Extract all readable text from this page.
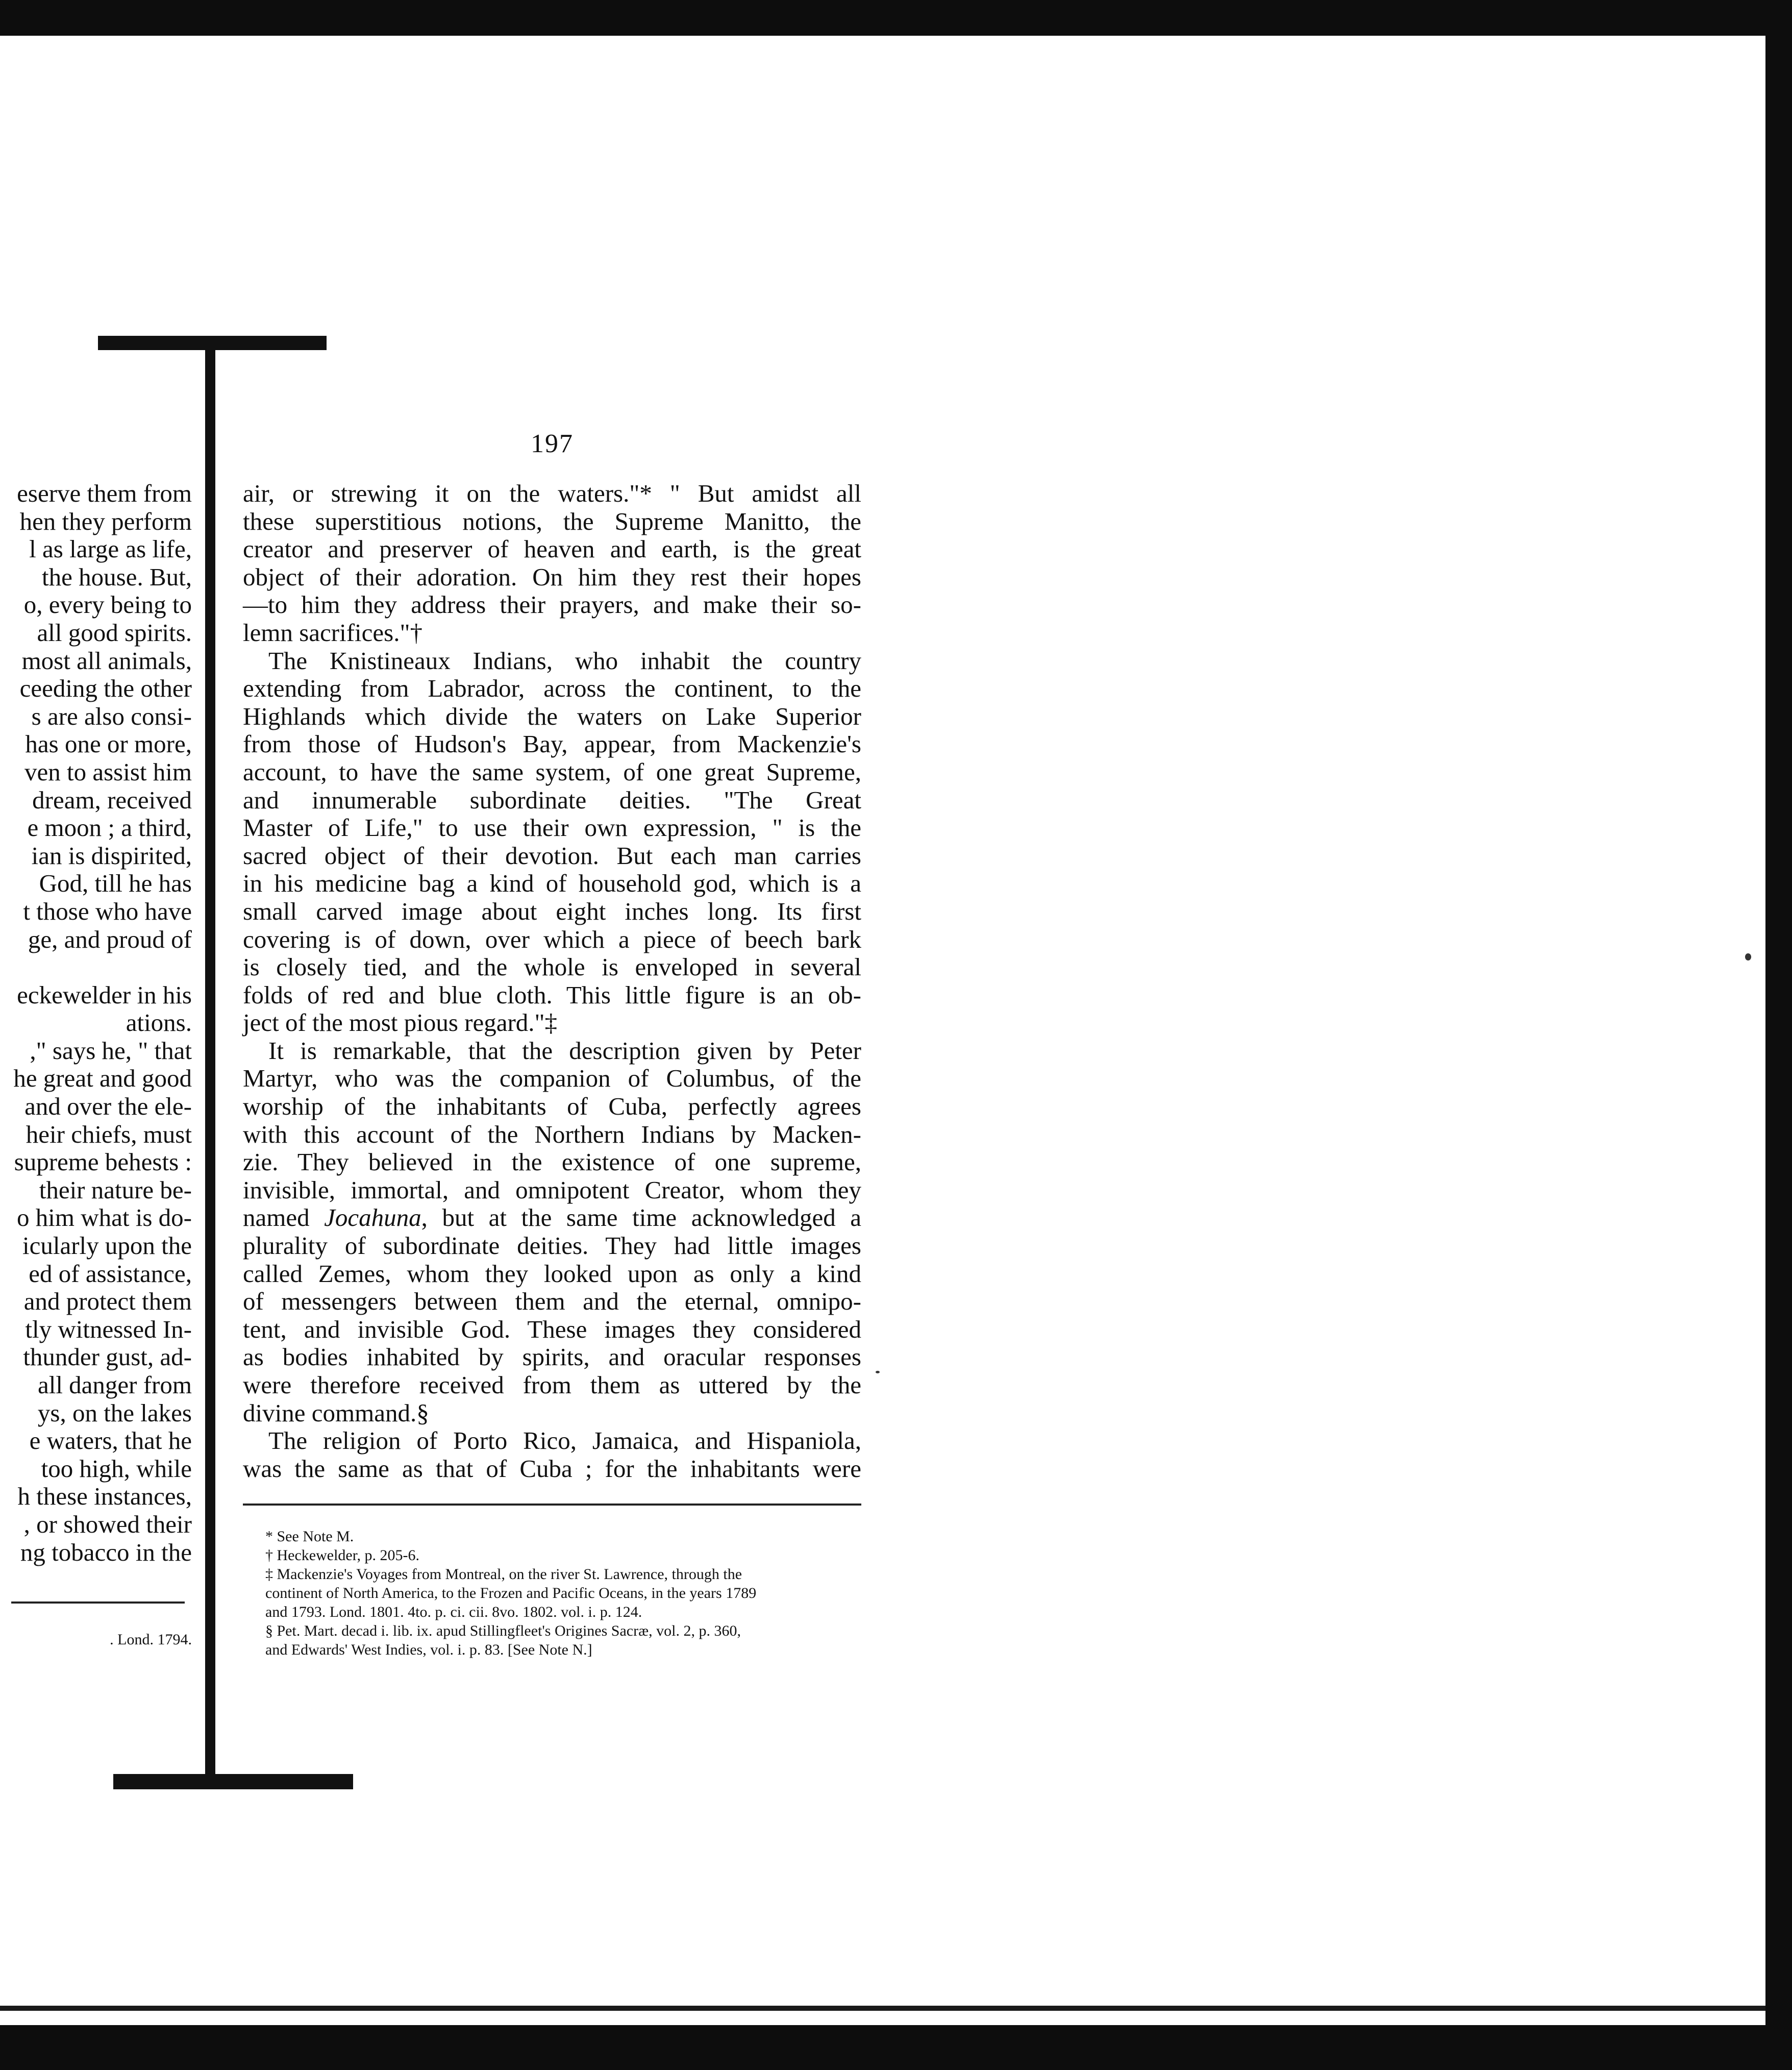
eserve them from
hen they perform
l as large as life,
the house. But,
o, every being to
all good spirits.
most all animals,
ceeding the other
s are also consi-
has one or more,
ven to assist him
dream, received
e moon ; a third,
ian is dispirited,
God, till he has
t those who have
ge, and proud of

eckewelder in his
ations.
," says he, " that
he great and good
and over the ele-
heir chiefs, must
supreme behests :
their nature be-
o him what is do-
icularly upon the
ed of assistance,
and protect them
tly witnessed In-
thunder gust, ad-
all danger from
ys, on the lakes
e waters, that he
too high, while
h these instances,
, or showed their
ng tobacco in the
. Lond. 1794.
197
air, or strewing it on the waters."* " But amidst all
these superstitious notions, the Supreme Manitto, the
creator and preserver of heaven and earth, is the great
object of their adoration. On him they rest their hopes
—to him they address their prayers, and make their so-
lemn sacrifices."†
The Knistineaux Indians, who inhabit the country
extending from Labrador, across the continent, to the
Highlands which divide the waters on Lake Superior
from those of Hudson's Bay, appear, from Mackenzie's
account, to have the same system, of one great Supreme,
and innumerable subordinate deities. "The Great
Master of Life," to use their own expression, " is the
sacred object of their devotion. But each man carries
in his medicine bag a kind of household god, which is a
small carved image about eight inches long. Its first
covering is of down, over which a piece of beech bark
is closely tied, and the whole is enveloped in several
folds of red and blue cloth. This little figure is an ob-
ject of the most pious regard."‡
It is remarkable, that the description given by Peter
Martyr, who was the companion of Columbus, of the
worship of the inhabitants of Cuba, perfectly agrees
with this account of the Northern Indians by Macken-
zie. They believed in the existence of one supreme,
invisible, immortal, and omnipotent Creator, whom they
named Jocahuna, but at the same time acknowledged a
plurality of subordinate deities. They had little images
called Zemes, whom they looked upon as only a kind
of messengers between them and the eternal, omnipo-
tent, and invisible God. These images they considered
as bodies inhabited by spirits, and oracular responses
were therefore received from them as uttered by the
divine command.§
The religion of Porto Rico, Jamaica, and Hispaniola,
was the same as that of Cuba ; for the inhabitants were
* See Note M.
† Heckewelder, p. 205-6.
‡ Mackenzie's Voyages from Montreal, on the river St. Lawrence, through the
continent of North America, to the Frozen and Pacific Oceans, in the years 1789
and 1793. Lond. 1801. 4to. p. ci. cii. 8vo. 1802. vol. i. p. 124.
§ Pet. Mart. decad i. lib. ix. apud Stillingfleet's Origines Sacræ, vol. 2, p. 360,
and Edwards' West Indies, vol. i. p. 83. [See Note N.]
